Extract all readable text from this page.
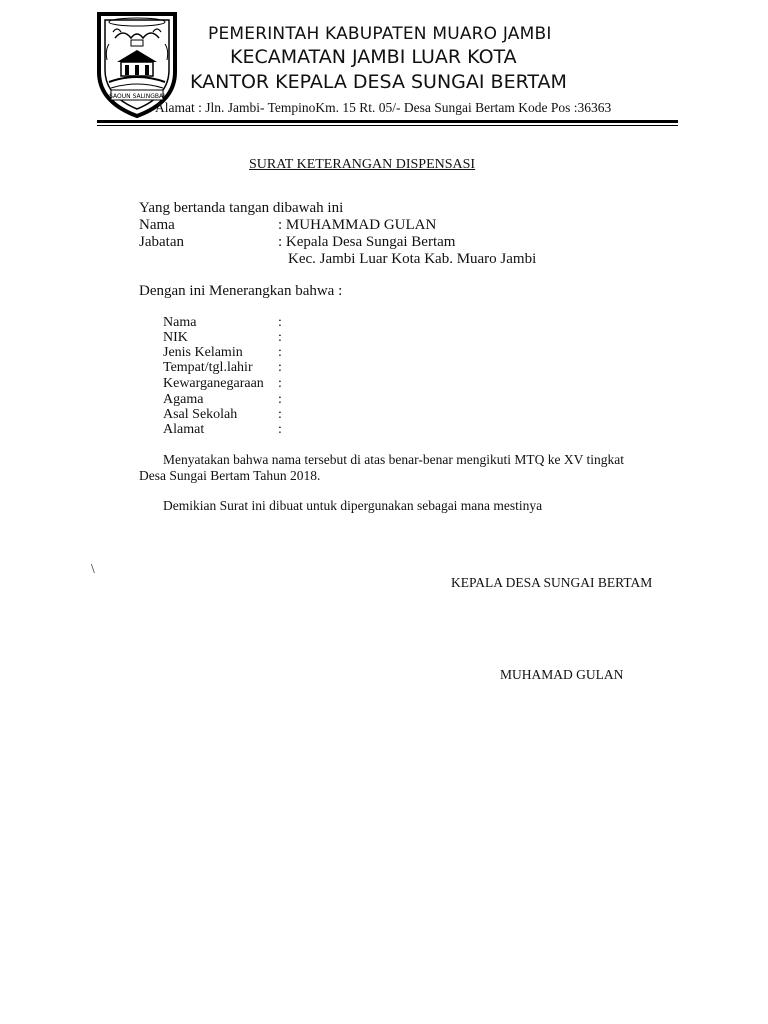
SAOUN SALINGBAI
PEMERINTAH KABUPATEN MUARO JAMBI
KECAMATAN JAMBI LUAR KOTA
KANTOR KEPALA DESA SUNGAI BERTAM
Alamat : Jln. Jambi- TempinoKm. 15 Rt. 05/- Desa Sungai Bertam Kode Pos :36363
SURAT KETERANGAN DISPENSASI
Yang bertanda tangan dibawah ini
Nama	: MUHAMMAD GULAN
Jabatan	: Kepala Desa Sungai Bertam
Kec. Jambi Luar Kota Kab. Muaro Jambi
Dengan ini Menerangkan bahwa :
Nama	:
NIK	:
Jenis Kelamin	:
Tempat/tgl.lahir :
Kewarganegaraan :
Agama	:
Asal Sekolah	:
Alamat	:
Menyatakan bahwa nama tersebut di atas benar-benar mengikuti MTQ ke XV tingkat
Desa Sungai Bertam Tahun 2018.
Demikian Surat ini dibuat untuk dipergunakan sebagai mana mestinya
\
KEPALA DESA SUNGAI BERTAM
MUHAMAD GULAN
